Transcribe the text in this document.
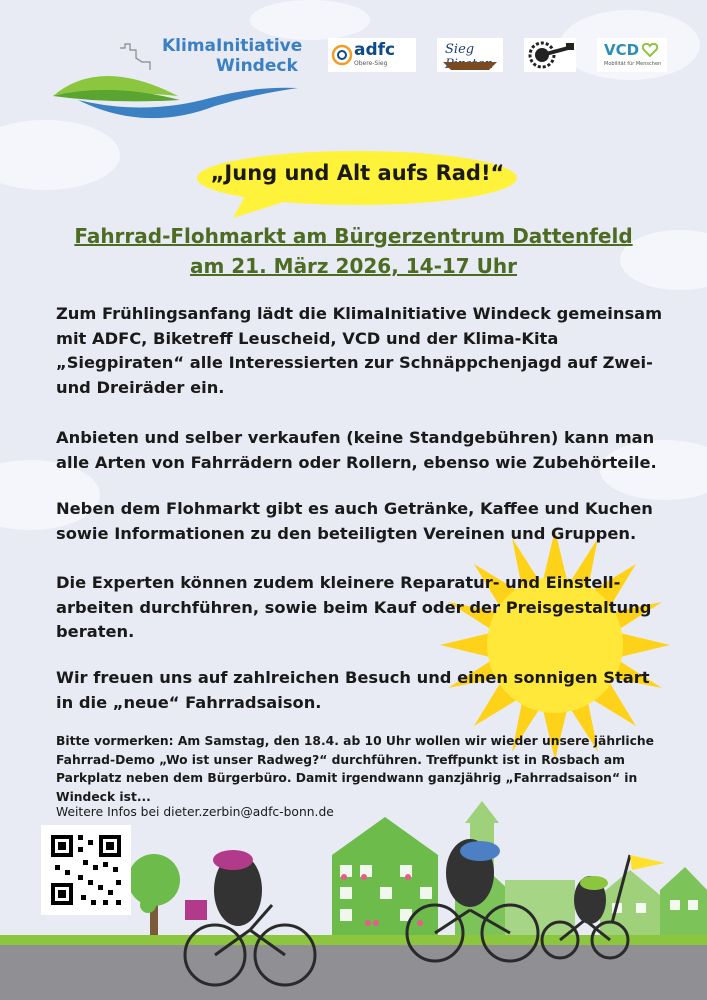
KlimaInitiative
Windeck
adfc
Obere-Sieg
Sieg	VCD
Mobilität für Menschen
„Jung und Alt aufs Rad!“
Fahrrad-Flohmarkt am Bürgerzentrum Dattenfeld
am 21. März 2026, 14-17 Uhr

Zum Frühlingsanfang lädt die KlimaInitiative Windeck gemeinsam mit ADFC, Biketreff Leuscheid, VCD und der Klima-Kita „Siegpiraten“ alle Interessierten zur Schnäppchenjagd auf Zwei- und Dreiräder ein.

Anbieten und selber verkaufen (keine Standgebühren) kann man alle Arten von Fahrrädern oder Rollern, ebenso wie Zubehörteile.

Neben dem Flohmarkt gibt es auch Getränke, Kaffee und Kuchen sowie Informationen zu den beteiligten Vereinen und Gruppen.

Die Experten können zudem kleinere Reparatur- und Einstell-arbeiten durchführen, sowie beim Kauf oder der Preisgestaltung beraten.

Wir freuen uns auf zahlreichen Besuch und einen sonnigen Start in die „neue“ Fahrradsaison.

Bitte vormerken: Am Samstag, den 18.4. ab 10 Uhr wollen wir wieder unsere jährliche Fahrrad-Demo „Wo ist unser Radweg?“ durchführen. Treffpunkt ist in Rosbach am Parkplatz neben dem Bürgerbüro. Damit irgendwann ganzjährig „Fahrradsaison“ in Windeck ist...

Weitere Infos bei dieter.zerbin@adfc-bonn.de
